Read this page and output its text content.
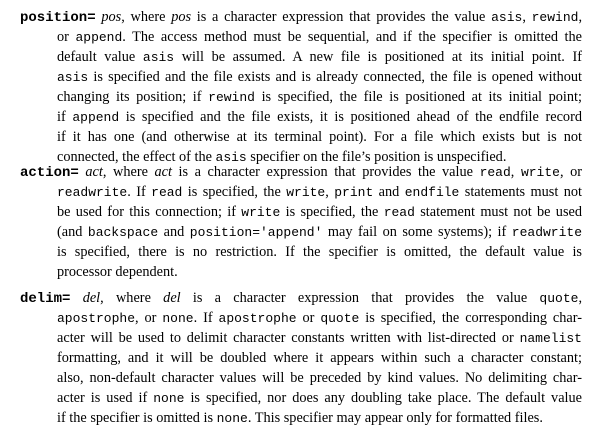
position= pos, where pos is a character expression that provides the value asis, rewind,
or append. The access method must be sequential, and if the specifier is omitted the
default value asis will be assumed. A new file is positioned at its initial point. If
asis is specified and the file exists and is already connected, the file is opened without
changing its position; if rewind is specified, the file is positioned at its initial point;
if append is specified and the file exists, it is positioned ahead of the endfile record
if it has one (and otherwise at its terminal point). For a file which exists but is not
connected, the effect of the asis specifier on the file’s position is unspecified.
action= act, where act is a character expression that provides the value read, write, or
readwrite. If read is specified, the write, print and endfile statements must not
be used for this connection; if write is specified, the read statement must not be used
(and backspace and position='append' may fail on some systems); if readwrite
is specified, there is no restriction. If the specifier is omitted, the default value is
processor dependent.
delim= del, where del is a character expression that provides the value quote,
apostrophe, or none. If apostrophe or quote is specified, the corresponding char-
acter will be used to delimit character constants written with list-directed or namelist
formatting, and it will be doubled where it appears within such a character constant;
also, non-default character values will be preceded by kind values. No delimiting char-
acter is used if none is specified, nor does any doubling take place. The default value
if the specifier is omitted is none. This specifier may appear only for formatted files.
